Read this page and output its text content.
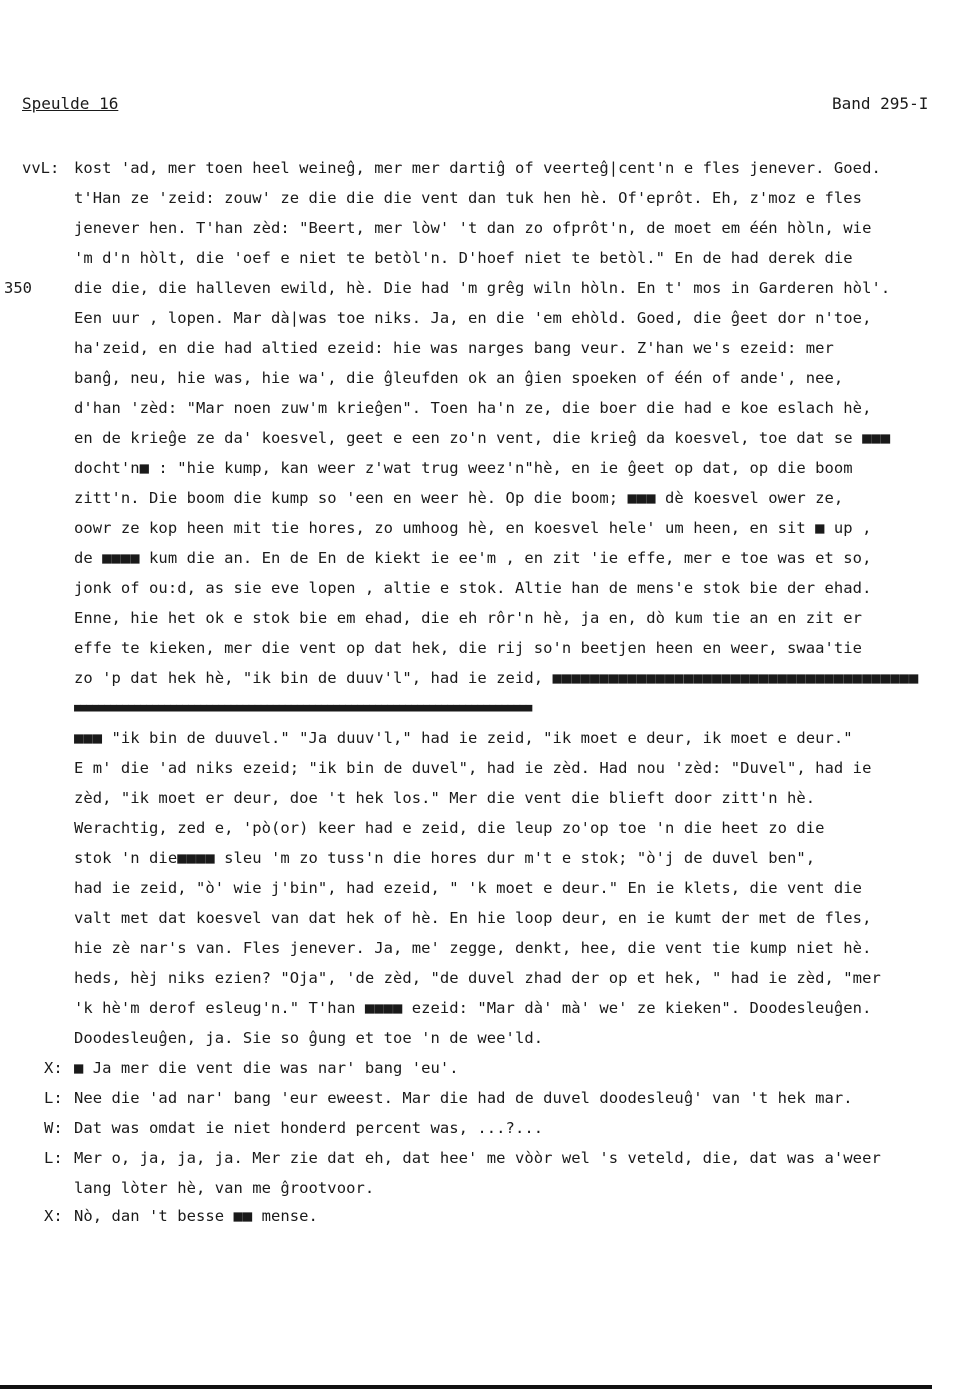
Speulde 16	Band 295-I
vvL:
350
kost 'ad, mer toen heel weineĝ, mer mer dartiĝ of veerteĝ|cent'n e fles jenever. Goed.
t'Han ze 'zeid: zouw' ze die die die vent dan tuk hen hè. Of'eprôt. Eh, z'moz e fles
jenever hen. T'han zèd: "Beert, mer lòw' 't dan zo ofprôt'n, de moet em één hòln, wie
'm d'n hòlt, die 'oef e niet te betòl'n. D'hoef niet te betòl." En de had derek die
die die, die halleven ewild, hè. Die had 'm grêg wiln hòln. En t' mos in Garderen hòl'.
Een uur , lopen. Mar dà|was toe niks. Ja, en die 'em ehòld. Goed, die ĝeet dor n'toe,
ha'zeid, en die had altied ezeid: hie was narges bang veur. Z'han we's ezeid: mer
banĝ, neu, hie was, hie wa', die ĝleufden ok an ĝien spoeken of één of ande', nee,
d'han 'zèd: "Mar noen zuw'm krieĝen". Toen ha'n ze, die boer die had e koe eslach hè,
en de krieĝe ze da' koesvel, geet e een zo'n vent, die krieĝ da koesvel, toe dat se ■■■
docht'n■ : "hie kump, kan weer z'wat trug weez'n"hè, en ie ĝeet op dat, op die boom
zitt'n. Die boom die kump so 'een en weer hè. Op die boom; ■■■ dè koesvel ower ze,
oowr ze kop heen mit tie hores, zo umhoog hè, en koesvel hele' um heen, en sit ■ up ,
de ■■■■ kum die an. En de En de kiekt ie ee'm , en zit 'ie effe, mer e toe was et so,
jonk of ou:d, as sie eve lopen , altie e stok. Altie han de mens'e stok bie der ehad.
Enne, hie het ok e stok bie em ehad, die eh rôr'n hè, ja en, dò kum tie an en zit er
effe te kieken, mer die vent op dat hek, die rij so'n beetjen heen en weer, swaa'tie
zo 'p dat hek hè, "ik bin de duuv'l", had ie zeid, ■■■■■■■■■■■■■■■■■■■■■■■■■■■■■■■■■■■■■■■
■■■■■■■■■■■■■■■■■■■■■■■■■■■■■■■■■■■■■■■■■■■■■■■■■■■■■■■■■■■■■■■■■■■■■■■■■■■■
■■■ "ik bin de duuvel." "Ja duuv'l," had ie zeid, "ik moet e deur, ik moet e deur."
E m' die 'ad niks ezeid; "ik bin de duvel", had ie zèd. Had nou 'zèd: "Duvel", had ie
zèd, "ik moet er deur, doe 't hek los." Mer die vent die blieft door zitt'n hè.
Werachtig, zed e, 'pò(or) keer had e zeid, die leup zo'op toe 'n die heet zo die
stok 'n die■■■■ sleu 'm zo tuss'n die hores dur m't e stok; "ò'j de duvel ben",
had ie zeid, "ò' wie j'bin", had ezeid, " 'k moet e deur." En ie klets, die vent die
valt met dat koesvel van dat hek of hè. En hie loop deur, en ie kumt der met de fles,
hie zè nar's van. Fles jenever. Ja, me' zegge, denkt, hee, die vent tie kump niet hè.
heds, hèj niks ezien? "Oja", 'de zèd, "de duvel zhad der op et hek, " had ie zèd, "mer
'k hè'm derof esleug'n." T'han ■■■■ ezeid: "Mar dà' mà' we' ze kieken". Doodesleuĝen.
Doodesleuĝen, ja. Sie so ĝung et toe 'n de wee'ld.
X: ■ Ja mer die vent die was nar' bang 'eu'.
L: Nee die 'ad nar' bang 'eur eweest. Mar die had de duvel doodesleuĝ' van 't hek mar.
W: Dat was omdat ie niet honderd percent was, ...?...
L: Mer o, ja, ja, ja. Mer zie dat eh, dat hee' me vòòr wel 's veteld, die, dat was a'weer
lang lòter hè, van me ĝrootvoor.
X: Nò, dan 't besse ■■ mense.
